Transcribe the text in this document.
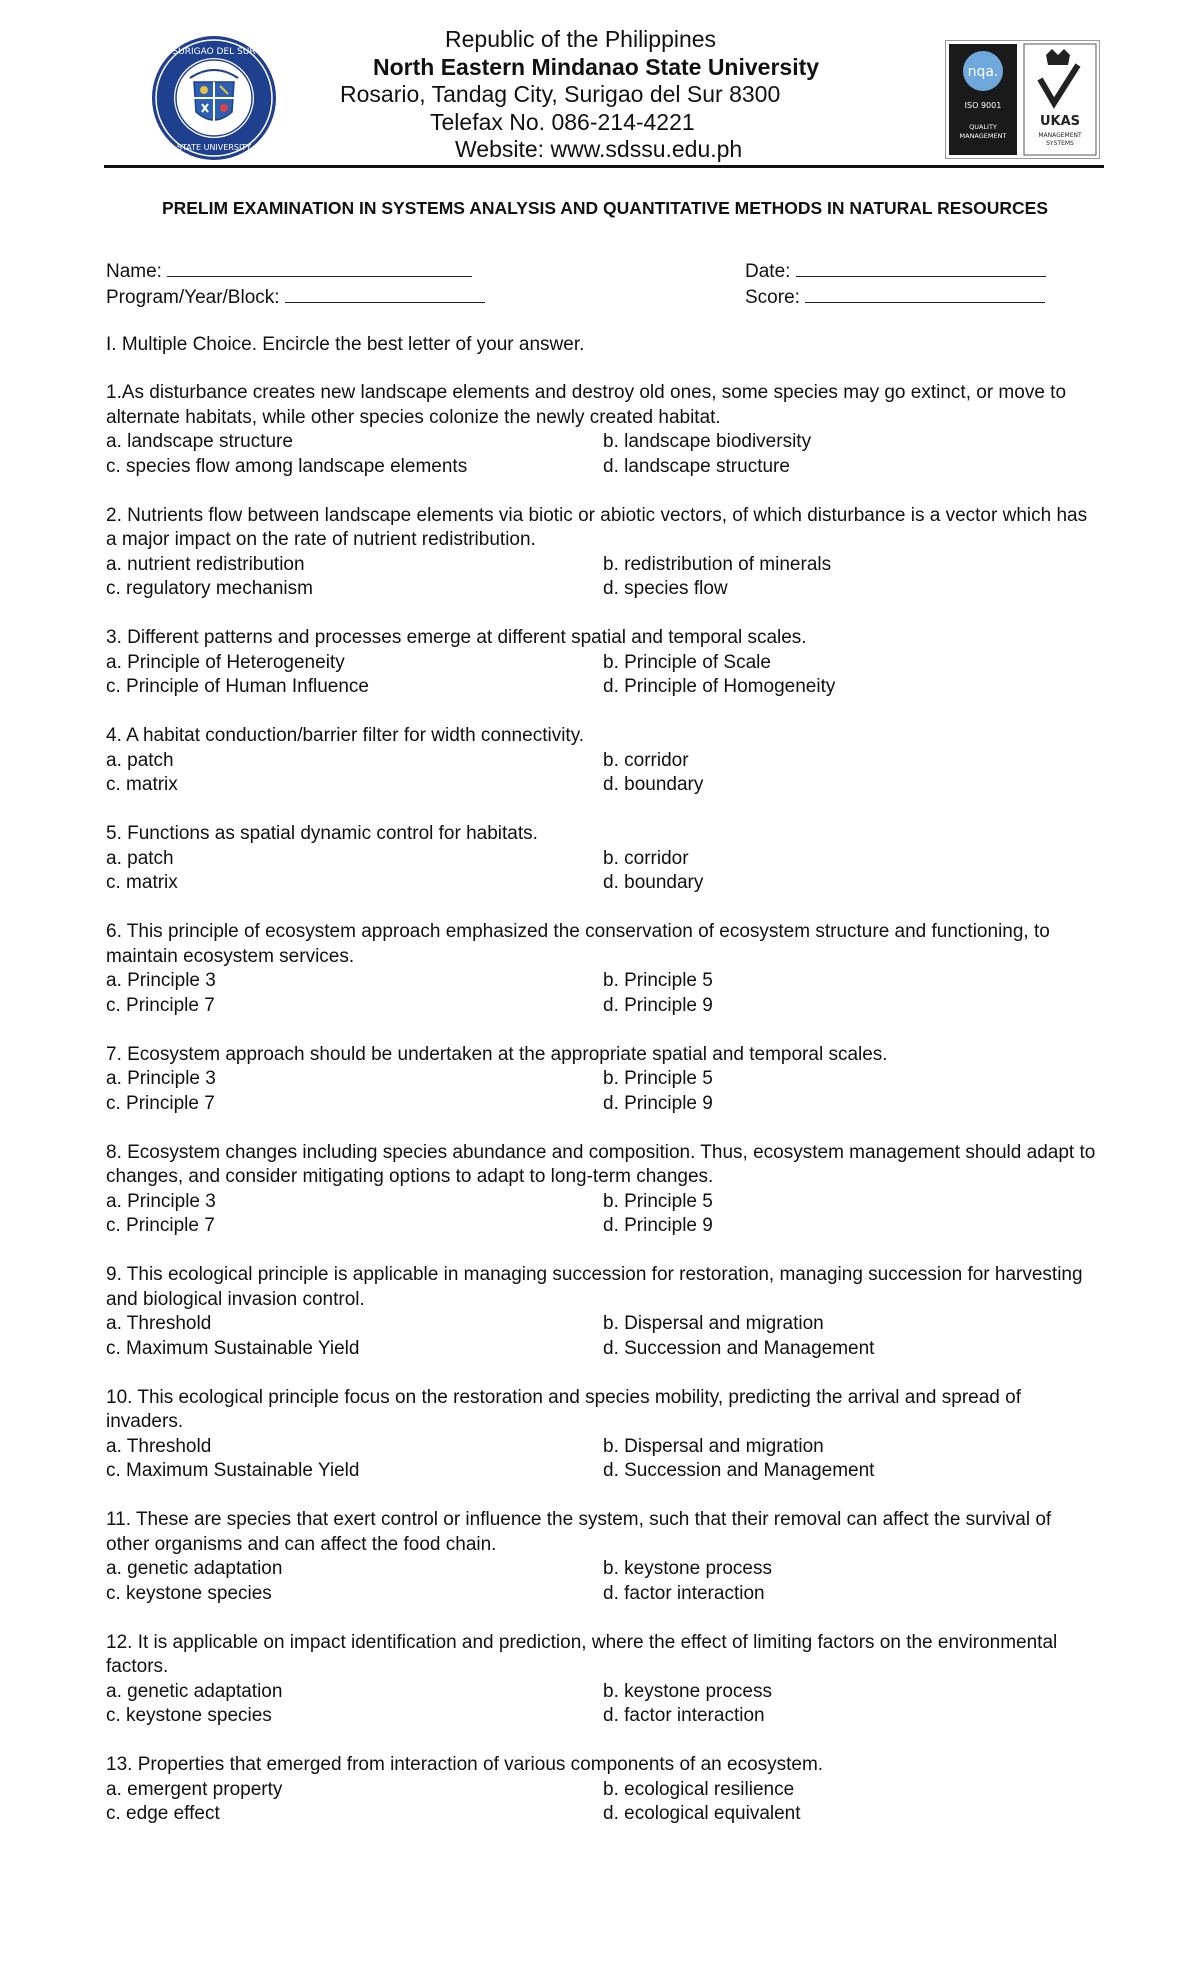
SURIGAO DEL SUR
STATE UNIVERSITY
Republic of the Philippines
North Eastern Mindanao State University
Rosario, Tandag City, Surigao del Sur 8300
Telefax No. 086-214-4221
Website: www.sdssu.edu.ph
nqa.
ISO 9001
QUALITY
MANAGEMENT
UKAS
MANAGEMENT
SYSTEMS
PRELIM EXAMINATION IN SYSTEMS ANALYSIS AND QUANTITATIVE METHODS IN NATURAL RESOURCES
Name:
Program/Year/Block:
Date:
Score:
I. Multiple Choice. Encircle the best letter of your answer.

1.As disturbance creates new landscape elements and destroy old ones, some species may go extinct, or move to alternate habitats, while other species colonize the newly created habitat.

a. landscape structure	b. landscape biodiversity
c. species flow among landscape elements	d. landscape structure

2. Nutrients flow between landscape elements via biotic or abiotic vectors, of which disturbance is a vector which has a major impact on the rate of nutrient redistribution.

a. nutrient redistribution	b. redistribution of minerals
c. regulatory mechanism	d. species flow

3. Different patterns and processes emerge at different spatial and temporal scales.

a. Principle of Heterogeneity	b. Principle of Scale
c. Principle of Human Influence	d. Principle of Homogeneity

4. A habitat conduction/barrier filter for width connectivity.

a. patch	b. corridor
c. matrix	d. boundary

5. Functions as spatial dynamic control for habitats.

a. patch	b. corridor
c. matrix	d. boundary

6. This principle of ecosystem approach emphasized the conservation of ecosystem structure and functioning, to maintain ecosystem services.

a. Principle 3	b. Principle 5
c. Principle 7	d. Principle 9

7. Ecosystem approach should be undertaken at the appropriate spatial and temporal scales.

a. Principle 3	b. Principle 5
c. Principle 7	d. Principle 9

8. Ecosystem changes including species abundance and composition. Thus, ecosystem management should adapt to changes, and consider mitigating options to adapt to long-term changes.

a. Principle 3	b. Principle 5
c. Principle 7	d. Principle 9

9. This ecological principle is applicable in managing succession for restoration, managing succession for harvesting and biological invasion control.

a. Threshold	b. Dispersal and migration
c. Maximum Sustainable Yield	d. Succession and Management

10. This ecological principle focus on the restoration and species mobility, predicting the arrival and spread of invaders.

a. Threshold	b. Dispersal and migration
c. Maximum Sustainable Yield	d. Succession and Management

11. These are species that exert control or influence the system, such that their removal can affect the survival of other organisms and can affect the food chain.

a. genetic adaptation	b. keystone process
c. keystone species	d. factor interaction

12. It is applicable on impact identification and prediction, where the effect of limiting factors on the environmental factors.

a. genetic adaptation	b. keystone process
c. keystone species	d. factor interaction

13. Properties that emerged from interaction of various components of an ecosystem.

a. emergent property	b. ecological resilience
c. edge effect	d. ecological equivalent
